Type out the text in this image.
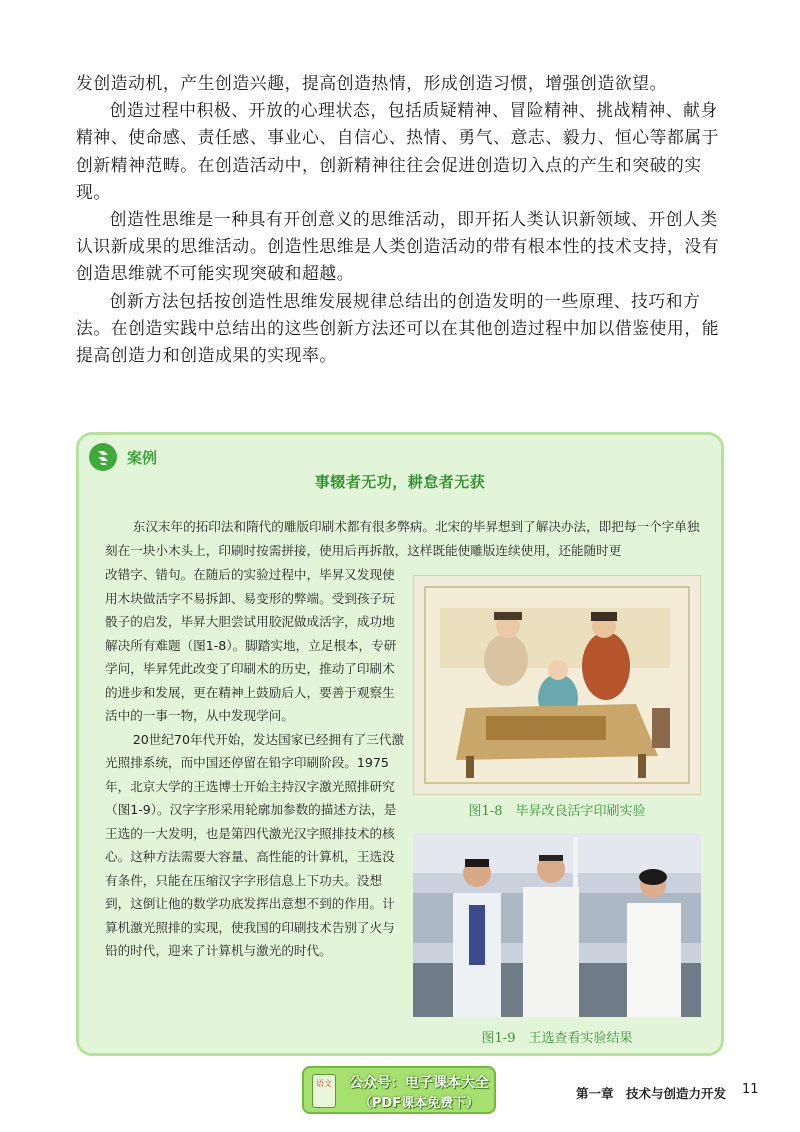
发创造动机，产生创造兴趣，提高创造热情，形成创造习惯，增强创造欲望。

创造过程中积极、开放的心理状态，包括质疑精神、冒险精神、挑战精神、献身精神、使命感、责任感、事业心、自信心、热情、勇气、意志、毅力、恒心等都属于创新精神范畴。在创造活动中，创新精神往往会促进创造切入点的产生和突破的实现。

创造性思维是一种具有开创意义的思维活动，即开拓人类认识新领域、开创人类认识新成果的思维活动。创造性思维是人类创造活动的带有根本性的技术支持，没有创造思维就不可能实现突破和超越。

创新方法包括按创造性思维发展规律总结出的创造发明的一些原理、技巧和方法。在创造实践中总结出的这些创新方法还可以在其他创造过程中加以借鉴使用，能提高创造力和创造成果的实现率。

案例
事辍者无功，耕怠者无获

东汉末年的拓印法和隋代的雕版印刷术都有很多弊病。北宋的毕昇想到了解决办法，即把每一个字单独刻在一块小木头上，印刷时按需拼接，使用后再拆散，这样既能使雕版连续使用，还能随时更

改错字、错句。在随后的实验过程中，毕昇又发现使用木块做活字不易拆卸、易变形的弊端。受到孩子玩骰子的启发，毕昇大胆尝试用胶泥做成活字，成功地解决所有难题（图1-8）。脚踏实地，立足根本，专研学问，毕昇凭此改变了印刷术的历史，推动了印刷术的进步和发展，更在精神上鼓励后人，要善于观察生活中的一事一物，从中发现学问。

20世纪70年代开始，发达国家已经拥有了三代激光照排系统，而中国还停留在铅字印刷阶段。1975年，北京大学的王选博士开始主持汉字激光照排研究（图1-9）。汉字字形采用轮廓加参数的描述方法，是王选的一大发明，也是第四代激光汉字照排技术的核心。这种方法需要大容量、高性能的计算机，王选没有条件，只能在压缩汉字字形信息上下功夫。没想到，这倒让他的数学功底发挥出意想不到的作用。计算机激光照排的实现，使我国的印刷技术告别了火与铅的时代，迎来了计算机与激光的时代。

图1-8　毕昇改良活字印刷实验
图1-9　王选查看实验结果
语文	公众号：电子课本大全
（PDF课本免费下）
第一章　技术与创造力开发 11
